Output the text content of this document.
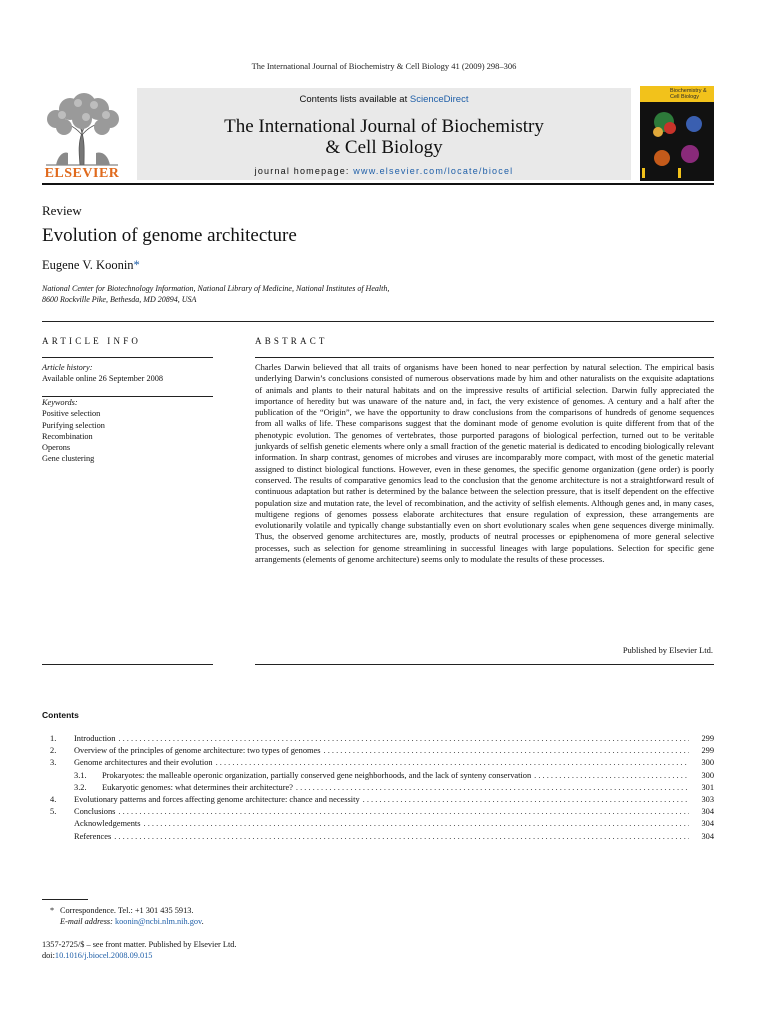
The International Journal of Biochemistry & Cell Biology 41 (2009) 298–306
ELSEVIER
Contents lists available at ScienceDirect
The International Journal of Biochemistry
& Cell Biology
journal homepage: www.elsevier.com/locate/biocel
Biochemistry &
Cell Biology
Review
Evolution of genome architecture
Eugene V. Koonin*
National Center for Biotechnology Information, National Library of Medicine, National Institutes of Health,
8600 Rockville Pike, Bethesda, MD 20894, USA
ARTICLE INFO
Article history:
Available online 26 September 2008
Keywords:
Positive selection
Purifying selection
Recombination
Operons
Gene clustering
ABSTRACT
Charles Darwin believed that all traits of organisms have been honed to near perfection by natural selection. The empirical basis underlying Darwin’s conclusions consisted of numerous observations made by him and other naturalists on the exquisite adaptations of animals and plants to their natural habitats and on the impressive results of artificial selection. Darwin fully appreciated the importance of heredity but was unaware of the nature and, in fact, the very existence of genomes. A century and a half after the publication of the “Origin”, we have the opportunity to draw conclusions from the comparisons of hundreds of genome sequences from all walks of life. These comparisons suggest that the dominant mode of genome evolution is quite different from that of the phenotypic evolution. The genomes of vertebrates, those purported paragons of biological perfection, turned out to be veritable junkyards of selfish genetic elements where only a small fraction of the genetic material is dedicated to encoding biologically relevant information. In sharp contrast, genomes of microbes and viruses are incomparably more compact, with most of the genetic material assigned to distinct biological functions. However, even in these genomes, the specific genome organization (gene order) is poorly conserved. The results of comparative genomics lead to the conclusion that the genome architecture is not a straightforward result of continuous adaptation but rather is determined by the balance between the selection pressure, that is itself dependent on the effective population size and mutation rate, the level of recombination, and the activity of selfish elements. Although genes and, in many cases, multigene regions of genomes possess elaborate architectures that ensure regulation of expression, these arrangements are evolutionarily volatile and typically change substantially even on short evolutionary scales when gene sequences diverge minimally. Thus, the observed genome architectures are, mostly, products of neutral processes or epiphenomena of more general selective processes, such as selection for genome streamlining in successful lineages with large populations. Selection for specific gene arrangements (elements of genome architecture) seems only to modulate the results of these processes.
Published by Elsevier Ltd.
Contents
1.	Introduction . . .	299
2.	Overview of the principles of genome architecture: two types of genomes . . .	299
3.	Genome architectures and their evolution . . .	300
3.1.	Prokaryotes: the malleable operonic organization, partially conserved gene neighborhoods, and the lack of synteny conservation . . .	300
3.2.	Eukaryotic genomes: what determines their architecture? . . .	301
4.	Evolutionary patterns and forces affecting genome architecture: chance and necessity . . .	303
5.	Conclusions . . .	304
Acknowledgements . . .	304
References . . .	304
* Correspondence. Tel.: +1 301 435 5913.
E-mail address: koonin@ncbi.nlm.nih.gov.
1357-2725/$ – see front matter. Published by Elsevier Ltd.
doi:10.1016/j.biocel.2008.09.015
